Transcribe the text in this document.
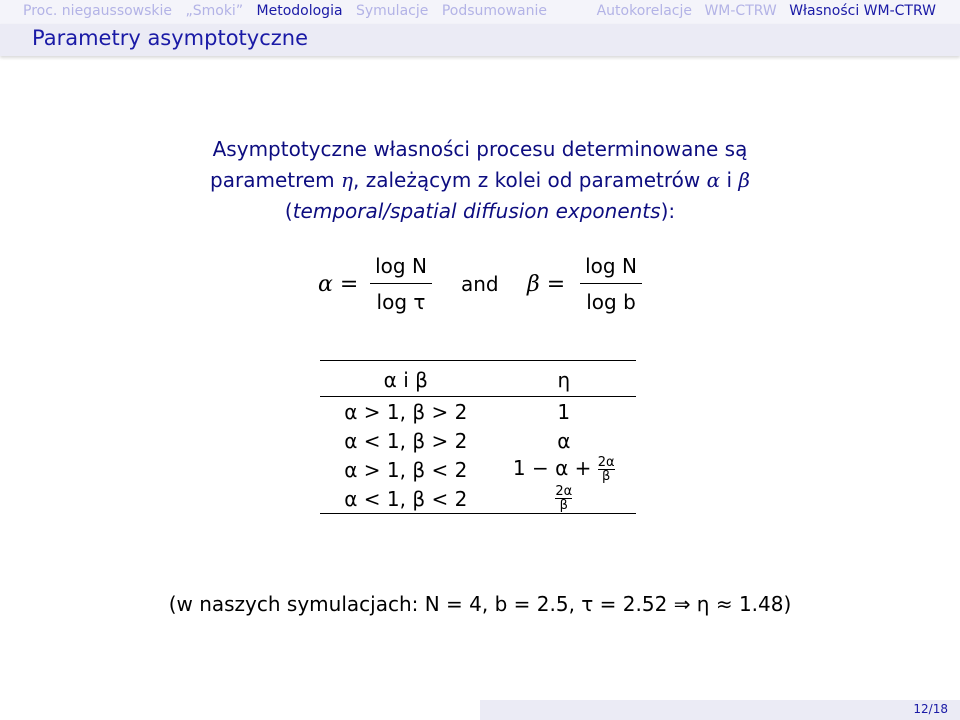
Proc. niegaussowskie „Smoki” Metodologia Symulacje Podsumowanie	Autokorelacje WM-CTRW Własności WM-CTRW
Parametry asymptotyczne
Asymptotyczne własności procesu determinowane są
parametrem η, zależącym z kolei od parametrów α i β
(temporal/spatial diffusion exponents):
α =
log N
log τ
and β =
log N
log b
α i β	η
α > 1, β > 2	1
α < 1, β > 2	α
α > 1, β < 2	$1 - \alpha + \frac{2\alpha}{\beta}$

α < 1, β < 2	$\frac{2\alpha}{\beta}$
(w naszych symulacjach: N = 4, b = 2.5, τ = 2.52 ⇒ η ≈ 1.48)
12/18
